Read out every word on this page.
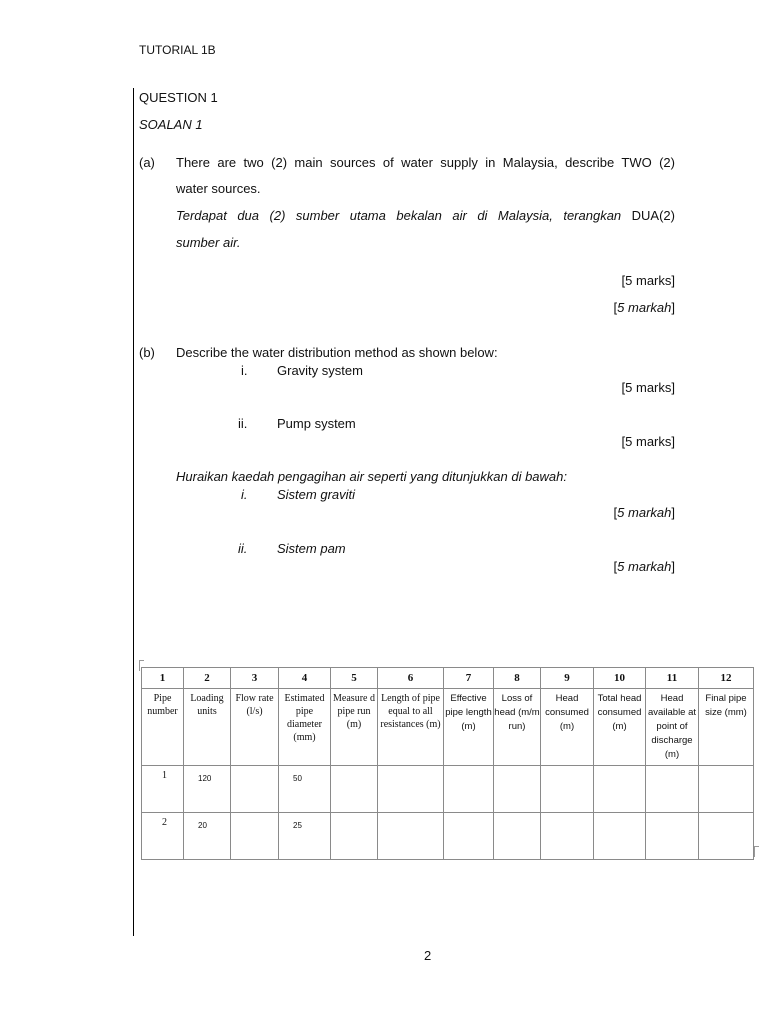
TUTORIAL 1B
QUESTION 1
SOALAN 1
(a) There are two (2) main sources of water supply in Malaysia, describe TWO (2)
water sources.
Terdapat dua (2) sumber utama bekalan air di Malaysia, terangkan DUA(2)
sumber air.
[5 marks]
[5 markah]
(b) Describe the water distribution method as shown below:
i. Gravity system
[5 marks]
ii. Pump system
[5 marks]
Huraikan kaedah pengagihan air seperti yang ditunjukkan di bawah:
i. Sistem graviti
[5 markah]
ii. Sistem pam
[5 markah]
1	2	3	4	5	6	7	8	9	10	11	12
Pipe number	Loading units	Flow rate (l/s)	Estimated pipe diameter (mm)	Measure d pipe run (m)	Length of pipe equal to all resistances (m)	Effective pipe length (m)	Loss of head (m/m run)	Head consumed (m)	Total head consumed (m)	Head available at point of discharge (m)	Final pipe size (mm)
1	120		50								
2	20		25								
2
